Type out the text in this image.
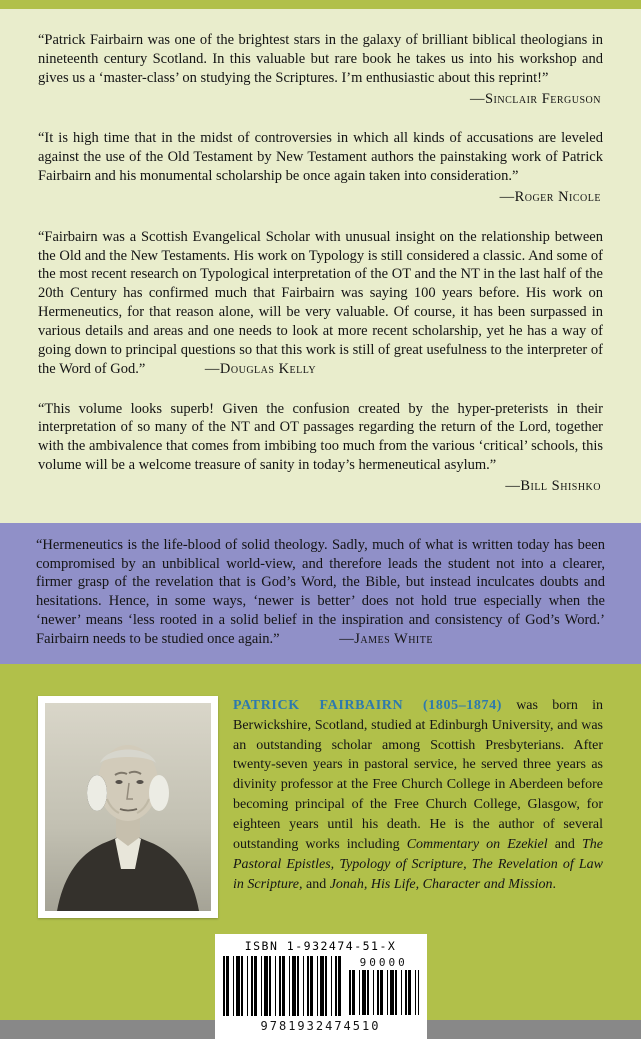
“Patrick Fairbairn was one of the brightest stars in the galaxy of brilliant biblical theologians in nineteenth century Scotland. In this valuable but rare book he takes us into his workshop and gives us a ‘master-class’ on studying the Scriptures. I’m enthusiastic about this reprint!”
—Sinclair Ferguson

“It is high time that in the midst of controversies in which all kinds of accusations are leveled against the use of the Old Testament by New Testament authors the painstaking work of Patrick Fairbairn and his monumental scholarship be once again taken into consideration.”
—Roger Nicole

“Fairbairn was a Scottish Evangelical Scholar with unusual insight on the relationship between the Old and the New Testaments. His work on Typology is still considered a classic. And some of the most recent research on Typological interpretation of the OT and the NT in the last half of the 20th Century has confirmed much that Fairbairn was saying 100 years before. His work on Hermeneutics, for that reason alone, will be very valuable. Of course, it has been surpassed in various details and areas and one needs to look at more recent scholarship, yet he has a way of going down to principal questions so that this work is still of great usefulness to the interpreter of the Word of God.”	—Douglas Kelly

“This volume looks superb! Given the confusion created by the hyper-preterists in their interpretation of so many of the NT and OT passages regarding the return of the Lord, together with the ambivalence that comes from imbibing too much from the various ‘critical’ schools, this volume will be a welcome treasure of sanity in today’s hermeneutical asylum.”
—Bill Shishko

“Hermeneutics is the life-blood of solid theology. Sadly, much of what is written today has been compromised by an unbiblical world-view, and therefore leads the student not into a clearer, firmer grasp of the revelation that is God’s Word, the Bible, but instead inculcates doubts and hesitations. Hence, in some ways, ‘newer is better’ does not hold true especially when the ‘newer’ means ‘less rooted in a solid belief in the inspiration and consistency of God’s Word.’ Fairbairn needs to be studied once again.”	—James White

PATRICK FAIRBAIRN (1805–1874) was born in Berwickshire, Scotland, studied at Edinburgh University, and was an outstanding scholar among Scottish Presbyterians. After twenty-seven years in pastoral service, he served three years as divinity professor at the Free Church College in Aberdeen before becoming principal of the Free Church College, Glasgow, for eighteen years until his death. He is the author of several outstanding works including Commentary on Ezekiel and The Pastoral Epistles, Typology of Scripture, The Revelation of Law in Scripture, and Jonah, His Life, Character and Mission.

ISBN 1-932474-51-X
90000
9781932474510
